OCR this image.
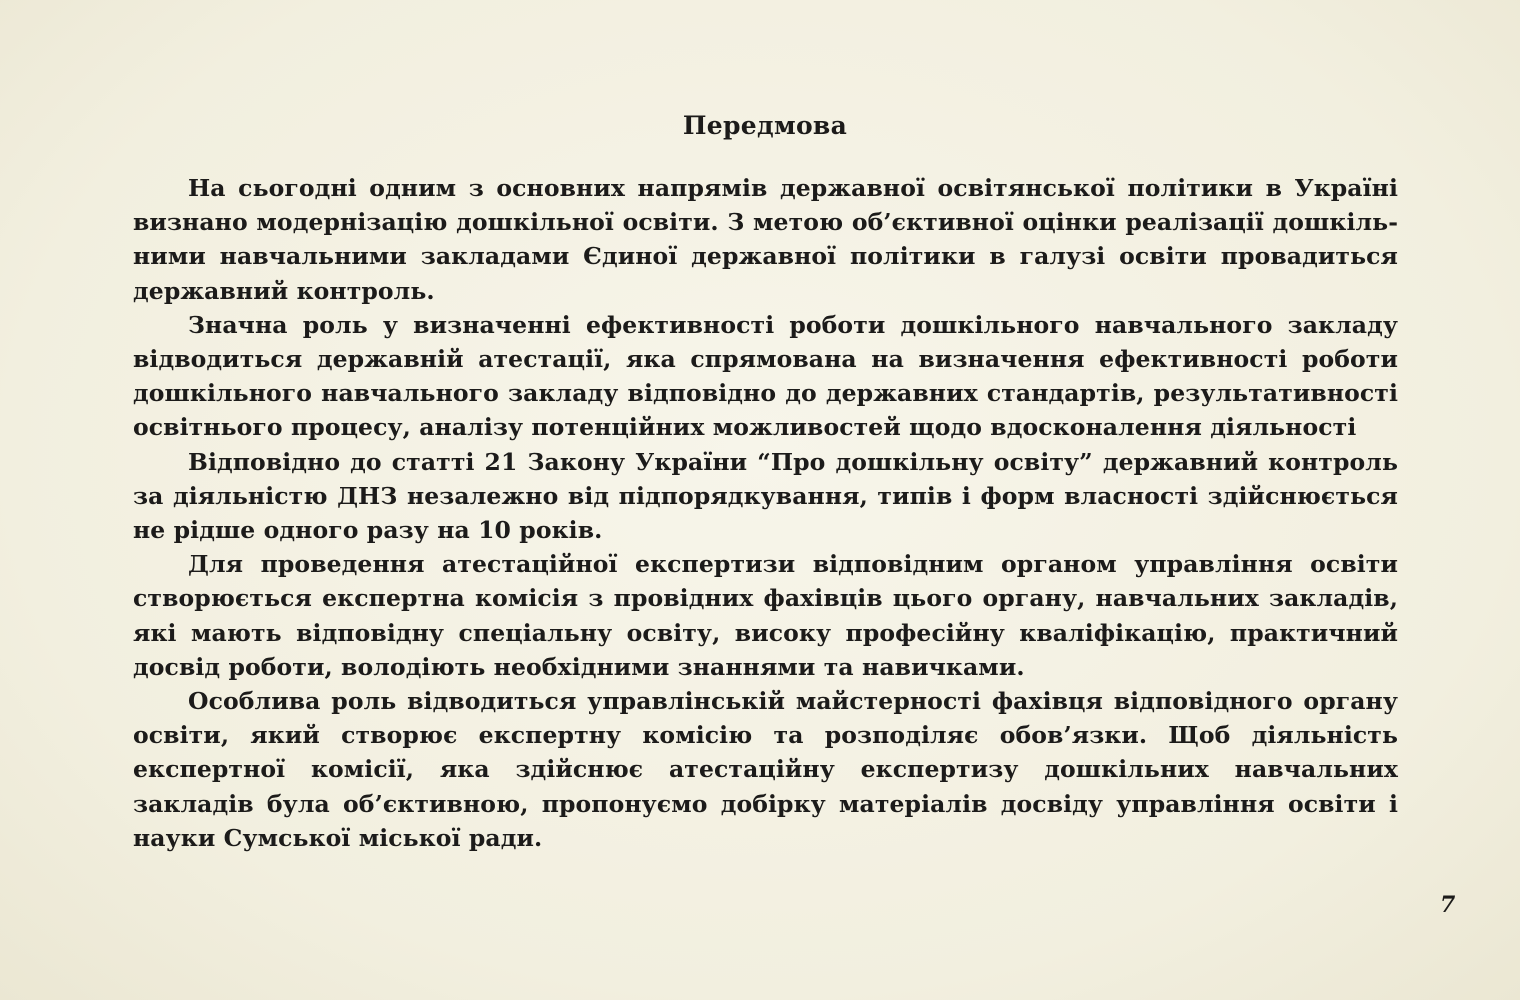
Передмова

На сьогодні одним з основних напрямів державної освітянської політики в Україні визнано модернізацію дошкільної освіти. З метою об’єктивної оцінки реалізації дошкільними навчальними закладами Єдиної державної політики в галузі освіти провадиться державний контроль.

Значна роль у визначенні ефективності роботи дошкільного навчального закладу відводиться державній атестації, яка спрямована на визначення ефективності роботи дошкільного навчального закладу відповідно до державних стандартів, результативності освітнього процесу, аналізу потенційних можливостей щодо вдосконалення діяльності

Відповідно до статті 21 Закону України “Про дошкільну освіту” державний контроль за діяльністю ДНЗ незалежно від підпорядкування, типів і форм власності здійснюється не рідше одного разу на 10 років.

Для проведення атестаційної експертизи відповідним органом управління освіти створюється експертна комісія з провідних фахівців цього органу, навчальних закладів, які мають відповідну спеціальну освіту, високу професійну кваліфікацію, практичний досвід роботи, володіють необхідними знаннями та навичками.

Особлива роль відводиться управлінській майстерності фахівця відповідного органу освіти, який створює експертну комісію та розподіляє обов’язки. Щоб діяльність експертної комісії, яка здійснює атестаційну експертизу дошкільних навчальних закладів була об’єктивною, пропонуємо добірку матеріалів досвіду управління освіти і науки Сумської міської ради.

7
